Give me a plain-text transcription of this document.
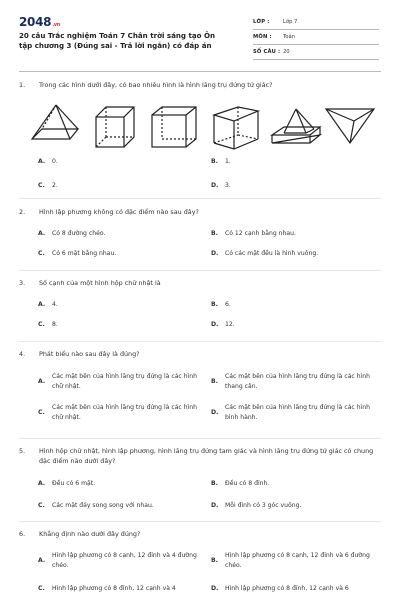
2048.vn
20 câu Trắc nghiệm Toán 7 Chân trời sáng tạo Ôn tập chương 3 (Đúng sai - Trả lời ngắn) có đáp án
LỚP :	Lớp 7
MÔN :	Toán
SỐ CÂU : 20
1.	Trong các hình dưới đây, có bao nhiêu hình là hình lăng trụ đứng tứ giác?
A.	0.	B.	1.
C.	2.	D.	3.
2.	Hình lập phương không có đặc điểm nào sau đây?
A.	Có 8 đường chéo.	B.	Có 12 cạnh bằng nhau.
C.	Có 6 mặt bằng nhau.	D.	Có các mặt đều là hình vuông.
3.	Số cạnh của một hình hộp chữ nhật là
A.	4.	B.	6.
C.	8.	D.	12.
4.	Phát biểu nào sau đây là đúng?
A.
Các mặt bên của hình lăng trụ đứng là các hình chữ nhật.
B.
Các mặt bên của hình lăng trụ đứng là các hình thang cân.
C.
Các mặt bên của hình lăng trụ đứng là các hình chữ nhật.
D.
Các mặt bên của hình lăng trụ đứng là các hình bình hành.
5.	Hình hộp chữ nhật, hình lập phương, hình lăng trụ đứng tam giác và hình lăng trụ đứng tứ giác có chung đặc điểm nào dưới đây?
A.	Đều có 6 mặt.	B.	Đều có 8 đỉnh.
C.	Các mặt đáy song song với nhau.	D.	Mỗi đỉnh có 3 góc vuông.
6.	Khẳng định nào dưới đây đúng?
A.
Hình lập phương có 8 cạnh, 12 đỉnh và 4 đường chéo.
B.
Hình lập phương có 8 cạnh, 12 đỉnh và 6 đường chéo.
C.	Hình lập phương có 8 đỉnh, 12 cạnh và 4	D.	Hình lập phương có 8 đỉnh, 12 cạnh và 6
